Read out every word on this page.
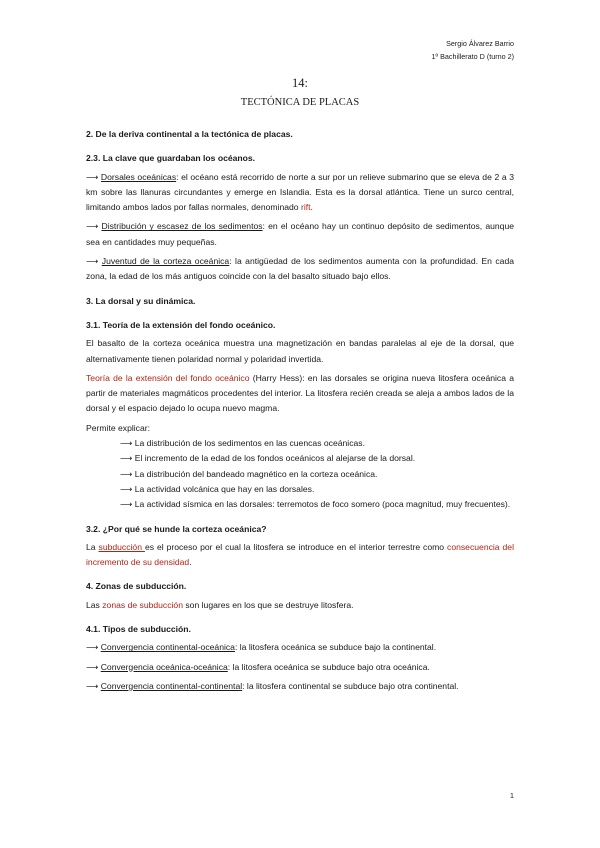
Sergio Álvarez Barrio
1º Bachillerato D (turno 2)
14:
TECTÓNICA DE PLACAS
2. De la deriva continental a la tectónica de placas.
2.3. La clave que guardaban los océanos.

⟶ Dorsales oceánicas: el océano está recorrido de norte a sur por un relieve submarino que se eleva de 2 a 3 km sobre las llanuras circundantes y emerge en Islandia. Esta es la dorsal atlántica. Tiene un surco central, limitando ambos lados por fallas normales, denominado rift.

⟶ Distribución y escasez de los sedimentos: en el océano hay un continuo depósito de sedimentos, aunque sea en cantidades muy pequeñas.

⟶ Juventud de la corteza oceánica: la antigüedad de los sedimentos aumenta con la profundidad. En cada zona, la edad de los más antiguos coincide con la del basalto situado bajo ellos.

3. La dorsal y su dinámica.
3.1. Teoría de la extensión del fondo oceánico.

El basalto de la corteza oceánica muestra una magnetización en bandas paralelas al eje de la dorsal, que alternativamente tienen polaridad normal y polaridad invertida.

Teoría de la extensión del fondo oceánico (Harry Hess): en las dorsales se origina nueva litosfera oceánica a partir de materiales magmáticos procedentes del interior. La litosfera recién creada se aleja a ambos lados de la dorsal y el espacio dejado lo ocupa nuevo magma.

Permite explicar:
⟶ La distribución de los sedimentos en las cuencas oceánicas.
⟶ El incremento de la edad de los fondos oceánicos al alejarse de la dorsal.
⟶ La distribución del bandeado magnético en la corteza oceánica.
⟶ La actividad volcánica que hay en las dorsales.
⟶ La actividad sísmica en las dorsales: terremotos de foco somero (poca magnitud, muy frecuentes).
3.2. ¿Por qué se hunde la corteza oceánica?

La subducción es el proceso por el cual la litosfera se introduce en el interior terrestre como consecuencia del incremento de su densidad.

4. Zonas de subducción.

Las zonas de subducción son lugares en los que se destruye litosfera.

4.1. Tipos de subducción.

⟶ Convergencia continental-oceánica: la litosfera oceánica se subduce bajo la continental.

⟶ Convergencia oceánica-oceánica: la litosfera oceánica se subduce bajo otra oceánica.

⟶ Convergencia continental-continental: la litosfera continental se subduce bajo otra continental.

1
